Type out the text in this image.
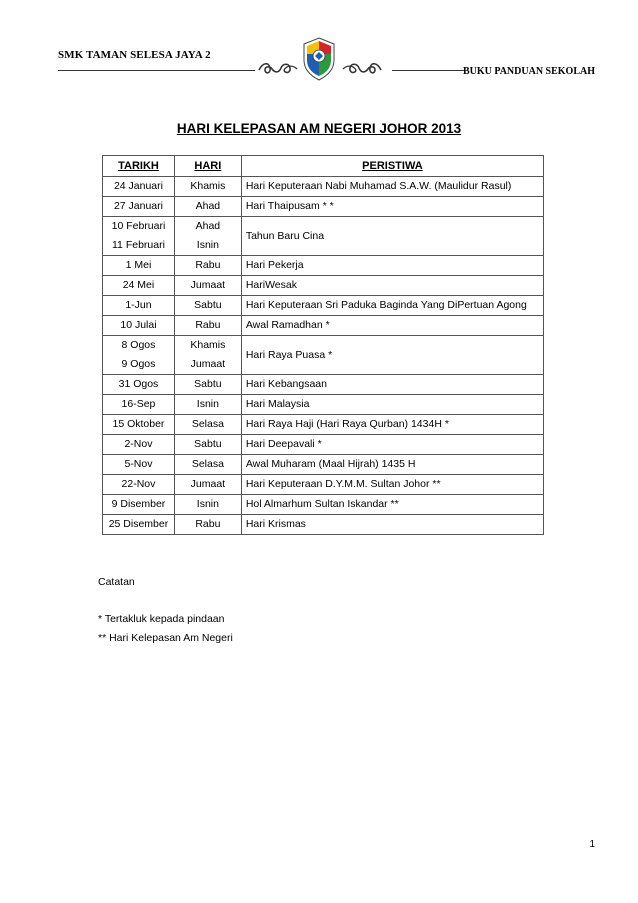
SMK TAMAN SELESA JAYA 2
BUKU PANDUAN SEKOLAH
HARI KELEPASAN AM NEGERI JOHOR 2013
TARIKH	HARI	PERISTIWA
24 Januari	Khamis	Hari Keputeraan Nabi Muhamad S.A.W. (Maulidur Rasul)
27 Januari	Ahad	Hari Thaipusam * *
10 Februari	Ahad	Tahun Baru Cina
11 Februari	Isnin	
1 Mei	Rabu	Hari Pekerja
24 Mei	Jumaat	HariWesak
1-Jun	Sabtu	Hari Keputeraan Sri Paduka Baginda Yang DiPertuan Agong
10 Julai	Rabu	Awal Ramadhan *
8 Ogos	Khamis	Hari Raya Puasa *
9 Ogos	Jumaat	
31 Ogos	Sabtu	Hari Kebangsaan
16-Sep	Isnin	Hari Malaysia
15 Oktober	Selasa	Hari Raya Haji (Hari Raya Qurban) 1434H *
2-Nov	Sabtu	Hari Deepavali *
5-Nov	Selasa	Awal Muharam (Maal Hijrah) 1435 H
22-Nov	Jumaat	Hari Keputeraan D.Y.M.M. Sultan Johor **
9 Disember	Isnin	Hol Almarhum Sultan Iskandar **
25 Disember	Rabu	Hari Krismas
Catatan
* Tertakluk kepada pindaan
** Hari Kelepasan Am Negeri
1
